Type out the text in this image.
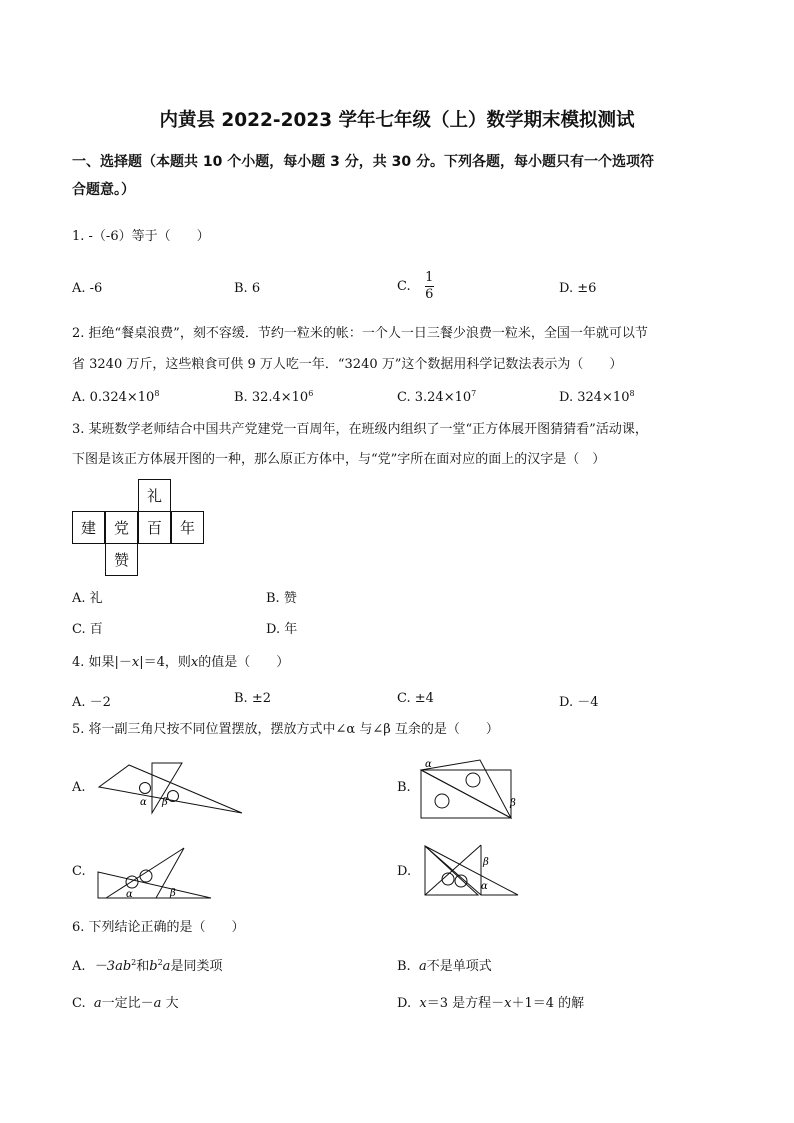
内黄县 2022-2023 学年七年级（上）数学期末模拟测试
一、选择题（本题共 10 个小题，每小题 3 分，共 30 分。下列各题，每小题只有一个选项符
合题意。）
1. -（-6）等于（　　）
A. -6	B. 6	C. $\frac{1}{6}$	D. ±6
2. 拒绝“餐桌浪费”，刻不容缓．节约一粒米的帐：一个人一日三餐少浪费一粒米，全国一年就可以节
省 3240 万斤，这些粮食可供 9 万人吃一年．“3240 万”这个数据用科学记数法表示为（　　）
A. $0.324\times 10^8$	B. $32.4\times 10^6$	C. $3.24\times 10^7$	D. $324\times 10^8$
3. 某班数学老师结合中国共产党建党一百周年，在班级内组织了一堂“正方体展开图猜猜看”活动课，
下图是该正方体展开图的一种，那么原正方体中，与“党”字所在面对应的面上的汉字是（　）
礼
建	党	百	年
赞
A. 礼	B. 赞
C. 百	D. 年
4. 如果|－x|＝4，则x的值是（　　）
A. －2	B. ±2	C. ±4	D. －4
5. 将一副三角尺按不同位置摆放，摆放方式中∠α 与∠β 互余的是（　　）
A.
α β
B.
α
β
C.
α	β
D.
β
α
6. 下列结论正确的是（　　）
A. $-3ab^2$和$b^2a$是同类项	B. a不是单项式
C. a一定比－a 大	D. x＝3 是方程－x＋1＝4 的解
